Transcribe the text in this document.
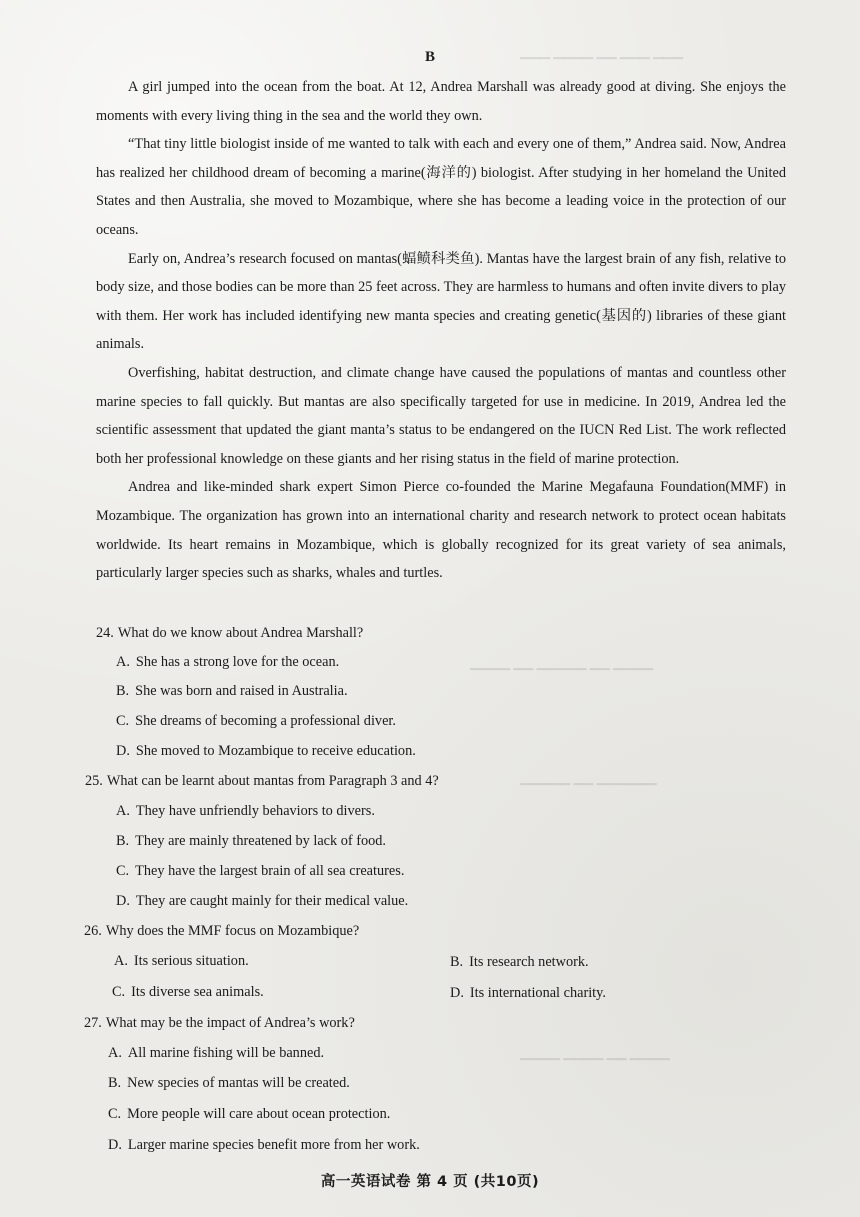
▁▁▁ ▁▁▁▁ ▁▁ ▁▁▁ ▁▁▁
▁▁▁▁ ▁▁ ▁▁▁▁▁ ▁▁ ▁▁▁▁
▁▁▁▁▁ ▁▁ ▁▁▁▁▁▁
▁▁▁▁ ▁▁▁▁ ▁▁ ▁▁▁▁
B

A girl jumped into the ocean from the boat. At 12, Andrea Marshall was already good at diving. She enjoys the moments with every living thing in the sea and the world they own.

“That tiny little biologist inside of me wanted to talk with each and every one of them,” Andrea said. Now, Andrea has realized her childhood dream of becoming a marine(海洋的) biologist. After studying in her homeland the United States and then Australia, she moved to Mozambique, where she has become a leading voice in the protection of our oceans.

Early on, Andrea’s research focused on mantas(蝠鲼科类鱼). Mantas have the largest brain of any fish, relative to body size, and those bodies can be more than 25 feet across. They are harmless to humans and often invite divers to play with them. Her work has included identifying new manta species and creating genetic(基因的) libraries of these giant animals.

Overfishing, habitat destruction, and climate change have caused the populations of mantas and countless other marine species to fall quickly. But mantas are also specifically targeted for use in medicine. In 2019, Andrea led the scientific assessment that updated the giant manta’s status to be endangered on the IUCN Red List. The work reflected both her professional knowledge on these giants and her rising status in the field of marine protection.

Andrea and like-minded shark expert Simon Pierce co-founded the Marine Megafauna Foundation(MMF) in Mozambique. The organization has grown into an international charity and research network to protect ocean habitats worldwide. Its heart remains in Mozambique, which is globally recognized for its great variety of sea animals, particularly larger species such as sharks, whales and turtles.

24. What do we know about Andrea Marshall?
A. She has a strong love for the ocean.
B. She was born and raised in Australia.
C. She dreams of becoming a professional diver.
D. She moved to Mozambique to receive education.
25. What can be learnt about mantas from Paragraph 3 and 4?
A. They have unfriendly behaviors to divers.
B. They are mainly threatened by lack of food.
C. They have the largest brain of all sea creatures.
D. They are caught mainly for their medical value.
26. Why does the MMF focus on Mozambique?
A. Its serious situation.	B. Its research network.
C. Its diverse sea animals.	D. Its international charity.
27. What may be the impact of Andrea’s work?
A. All marine fishing will be banned.
B. New species of mantas will be created.
C. More people will care about ocean protection.
D. Larger marine species benefit more from her work.
高一英语试卷 第 4 页 (共10页)
